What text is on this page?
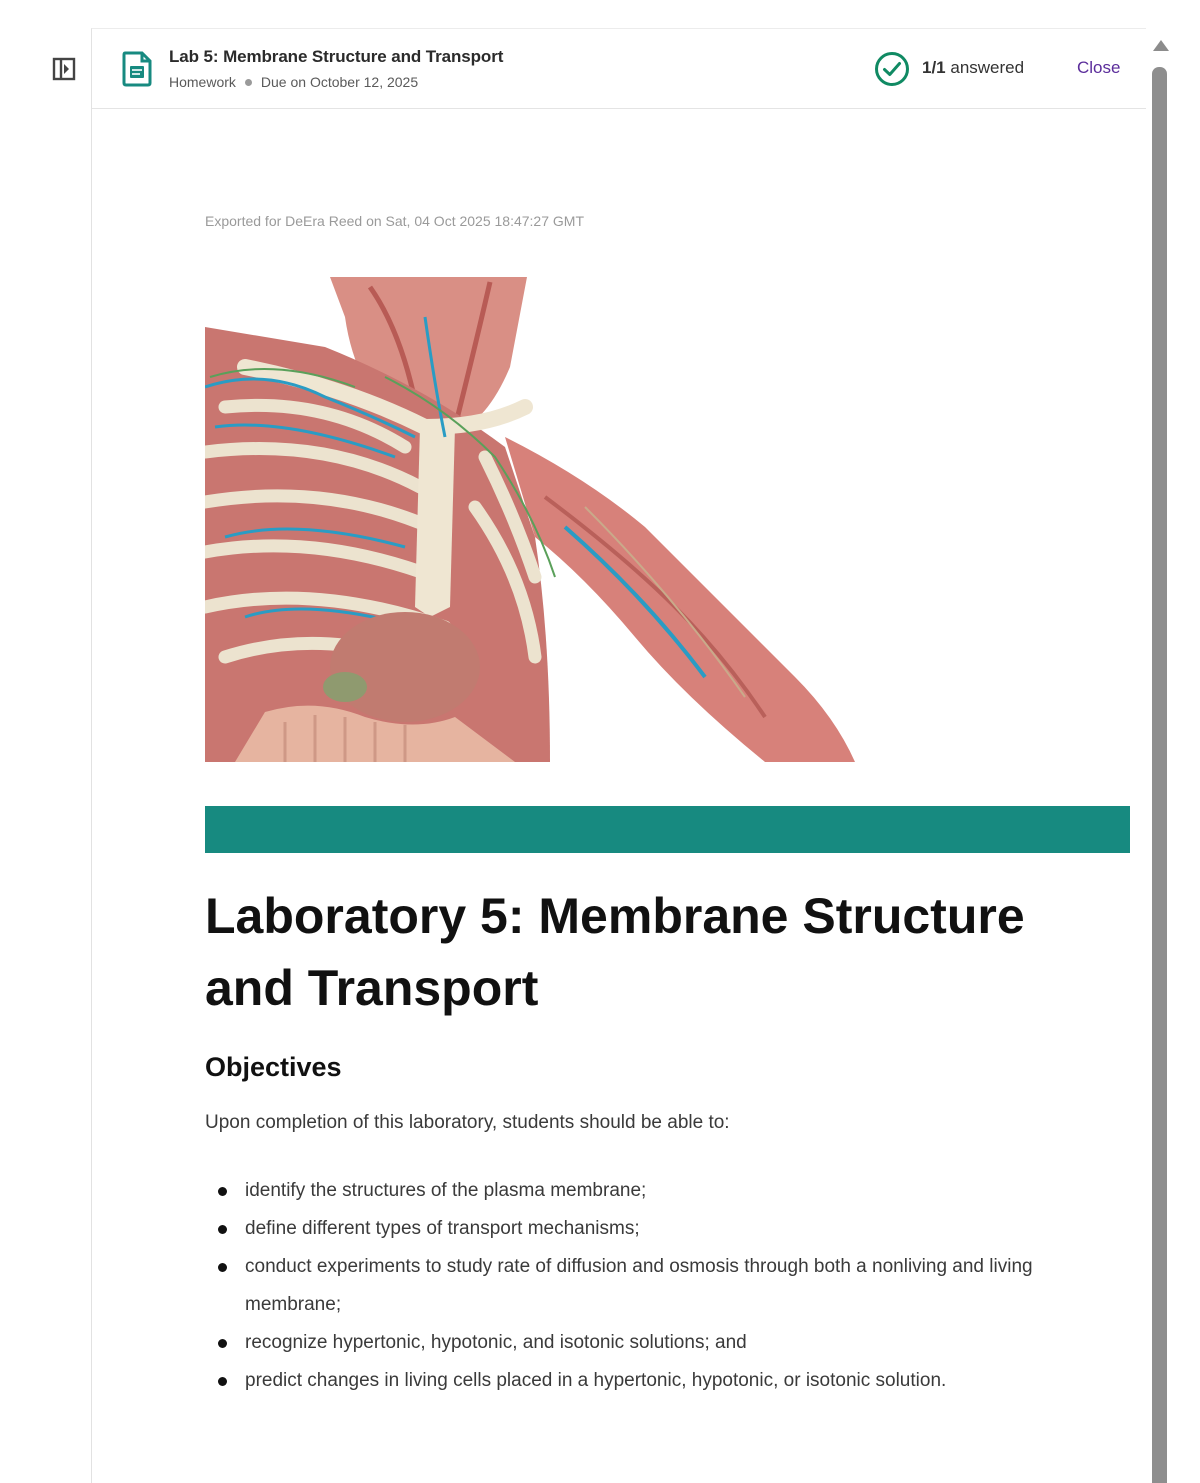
Lab 5: Membrane Structure and Transport
Homework Due on October 12, 2025
1/1 answered	Close
Exported for DeEra Reed on Sat, 04 Oct 2025 18:47:27 GMT
Laboratory 5: Membrane Structure and Transport
Objectives

Upon completion of this laboratory, students should be able to:

identify the structures of the plasma membrane;
define different types of transport mechanisms;
conduct experiments to study rate of diffusion and osmosis through both a nonliving and living membrane;
recognize hypertonic, hypotonic, and isotonic solutions; and
predict changes in living cells placed in a hypertonic, hypotonic, or isotonic solution.
